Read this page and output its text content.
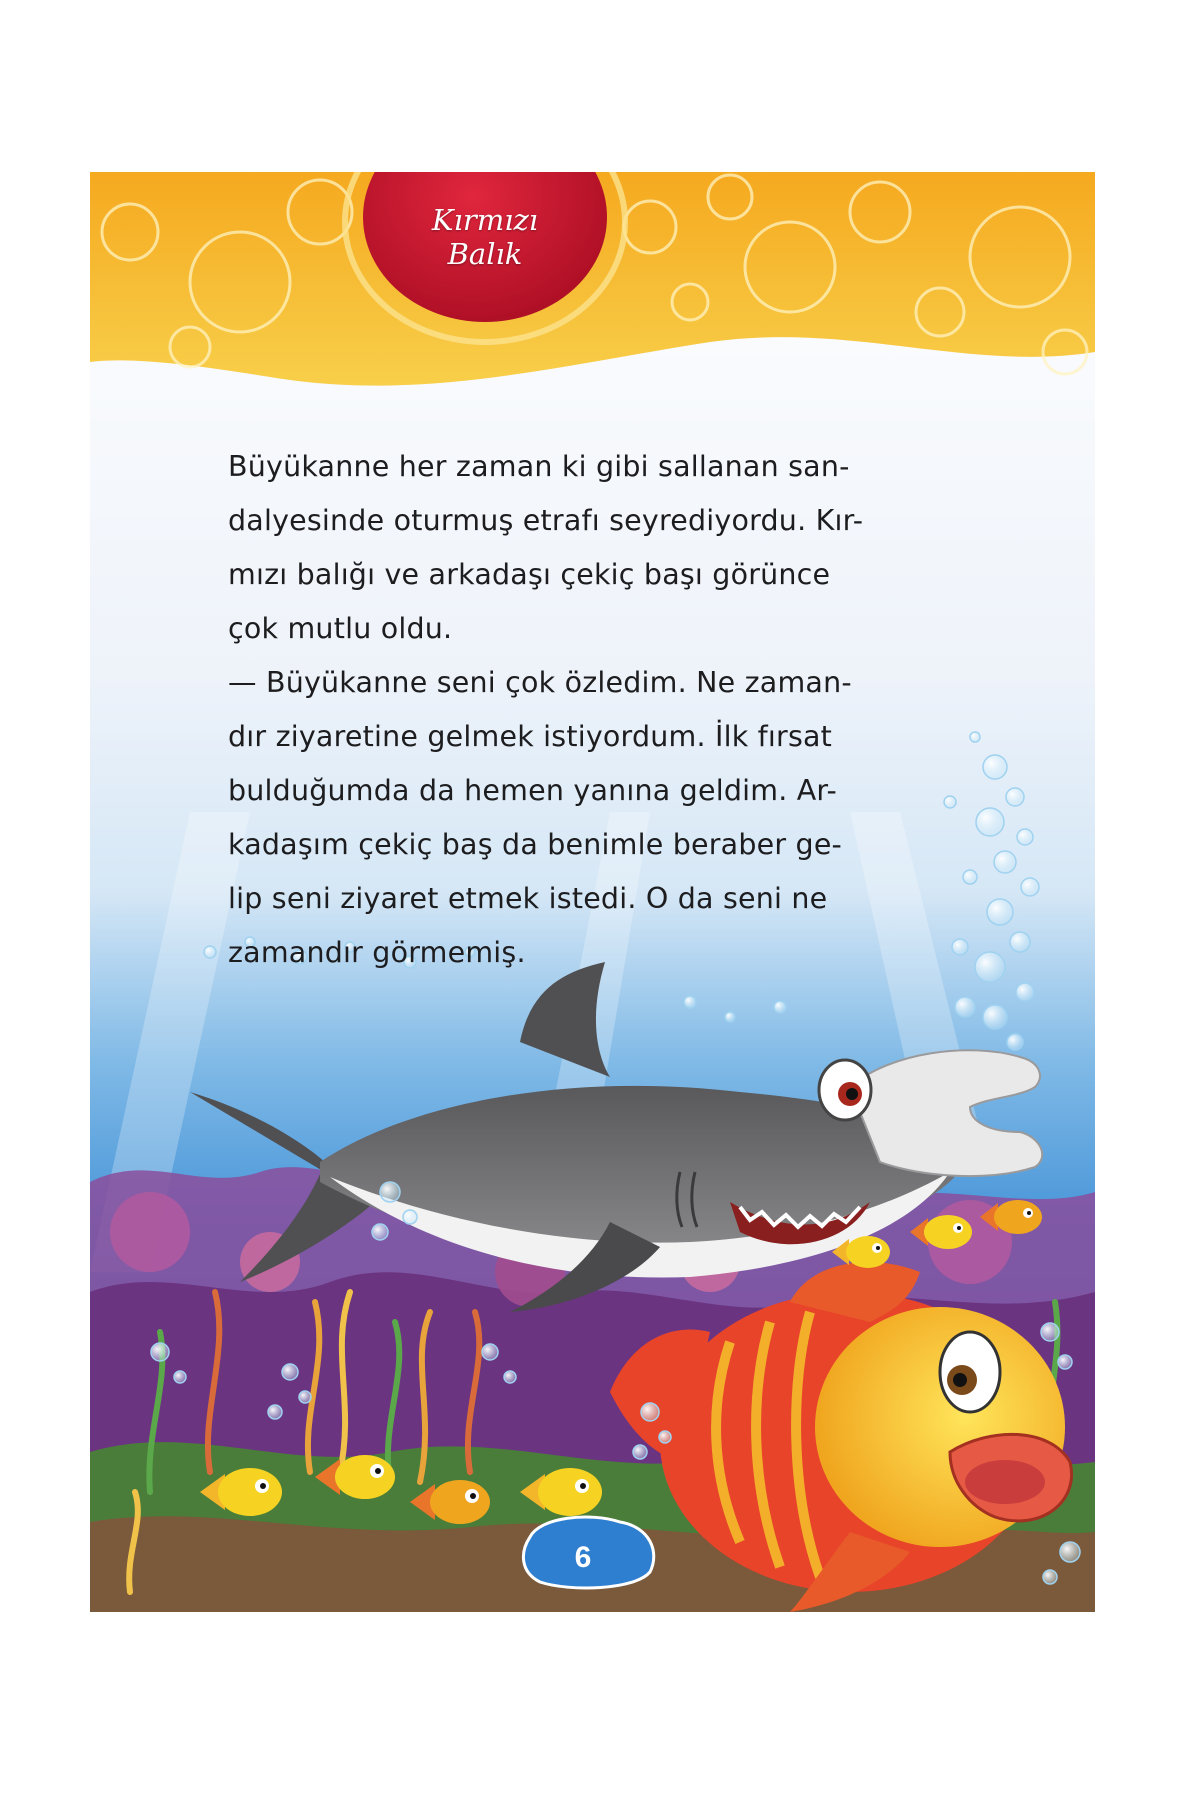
Kırmızı
Balık
Büyükanne her zaman ki gibi sallanan san-
dalyesinde oturmuş etrafı seyrediyordu. Kır-
mızı balığı ve arkadaşı çekiç başı görünce
çok mutlu oldu.
— Büyükanne seni çok özledim. Ne zaman-
dır ziyaretine gelmek istiyordum. İlk fırsat
bulduğumda da hemen yanına geldim. Ar-
kadaşım çekiç baş da benimle beraber ge-
lip seni ziyaret etmek istedi. O da seni ne
zamandır görmemiş.
6
